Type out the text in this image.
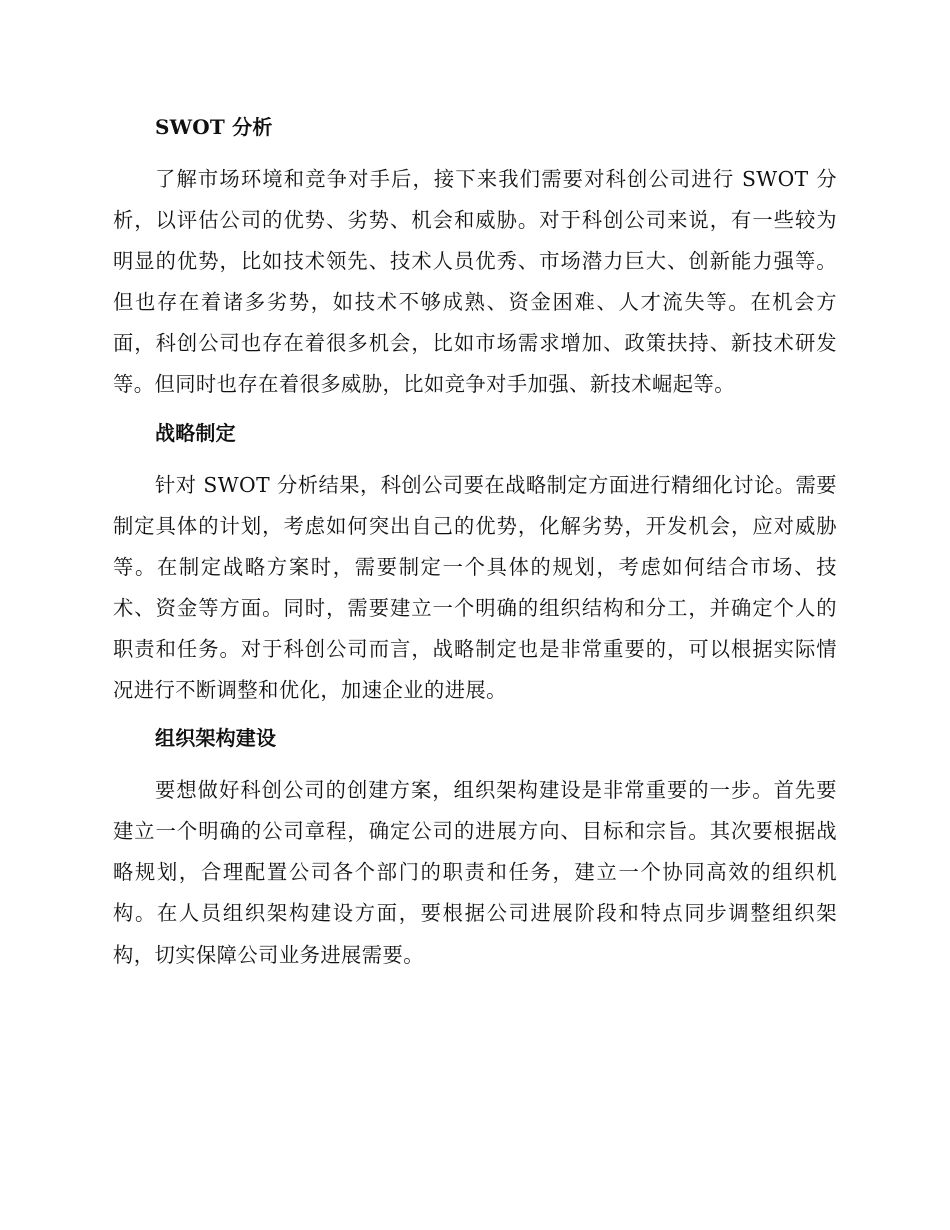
SWOT 分析

了解市场环境和竞争对手后，接下来我们需要对科创公司进行 SWOT 分析，以评估公司的优势、劣势、机会和威胁。对于科创公司来说，有一些较为明显的优势，比如技术领先、技术人员优秀、市场潜力巨大、创新能力强等。但也存在着诸多劣势，如技术不够成熟、资金困难、人才流失等。在机会方面，科创公司也存在着很多机会，比如市场需求增加、政策扶持、新技术研发等。但同时也存在着很多威胁，比如竞争对手加强、新技术崛起等。

战略制定

针对 SWOT 分析结果，科创公司要在战略制定方面进行精细化讨论。需要制定具体的计划，考虑如何突出自己的优势，化解劣势，开发机会，应对威胁等。在制定战略方案时，需要制定一个具体的规划，考虑如何结合市场、技术、资金等方面。同时，需要建立一个明确的组织结构和分工，并确定个人的职责和任务。对于科创公司而言，战略制定也是非常重要的，可以根据实际情况进行不断调整和优化，加速企业的进展。

组织架构建设

要想做好科创公司的创建方案，组织架构建设是非常重要的一步。首先要建立一个明确的公司章程，确定公司的进展方向、目标和宗旨。其次要根据战略规划，合理配置公司各个部门的职责和任务，建立一个协同高效的组织机构。在人员组织架构建设方面，要根据公司进展阶段和特点同步调整组织架构，切实保障公司业务进展需要。
